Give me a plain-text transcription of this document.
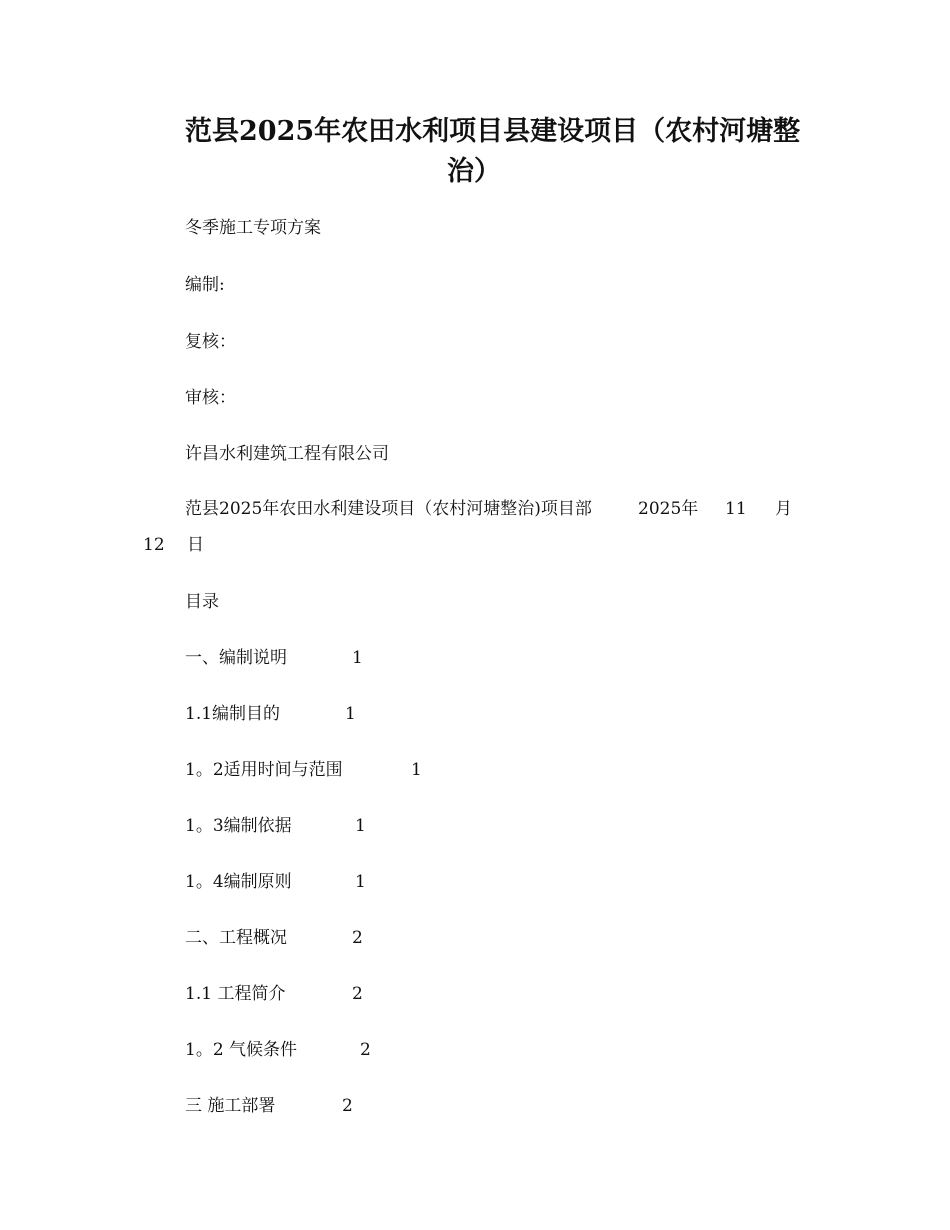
范县2025年农田水利项目县建设项目（农村河塘整
治）

冬季施工专项方案

编制:

复核：

审核：

许昌水利建筑工程有限公司

范县2025年农田水利建设项目（农村河塘整治)项目部	2025年 11 月
12 日

目录

一、编制说明	1
1.1编制目的	1
1。2适用时间与范围	1
1。3编制依据	1
1。4编制原则	1
二、工程概况	2
1.1 工程简介	2
1。2 气候条件	2
三 施工部署	2
